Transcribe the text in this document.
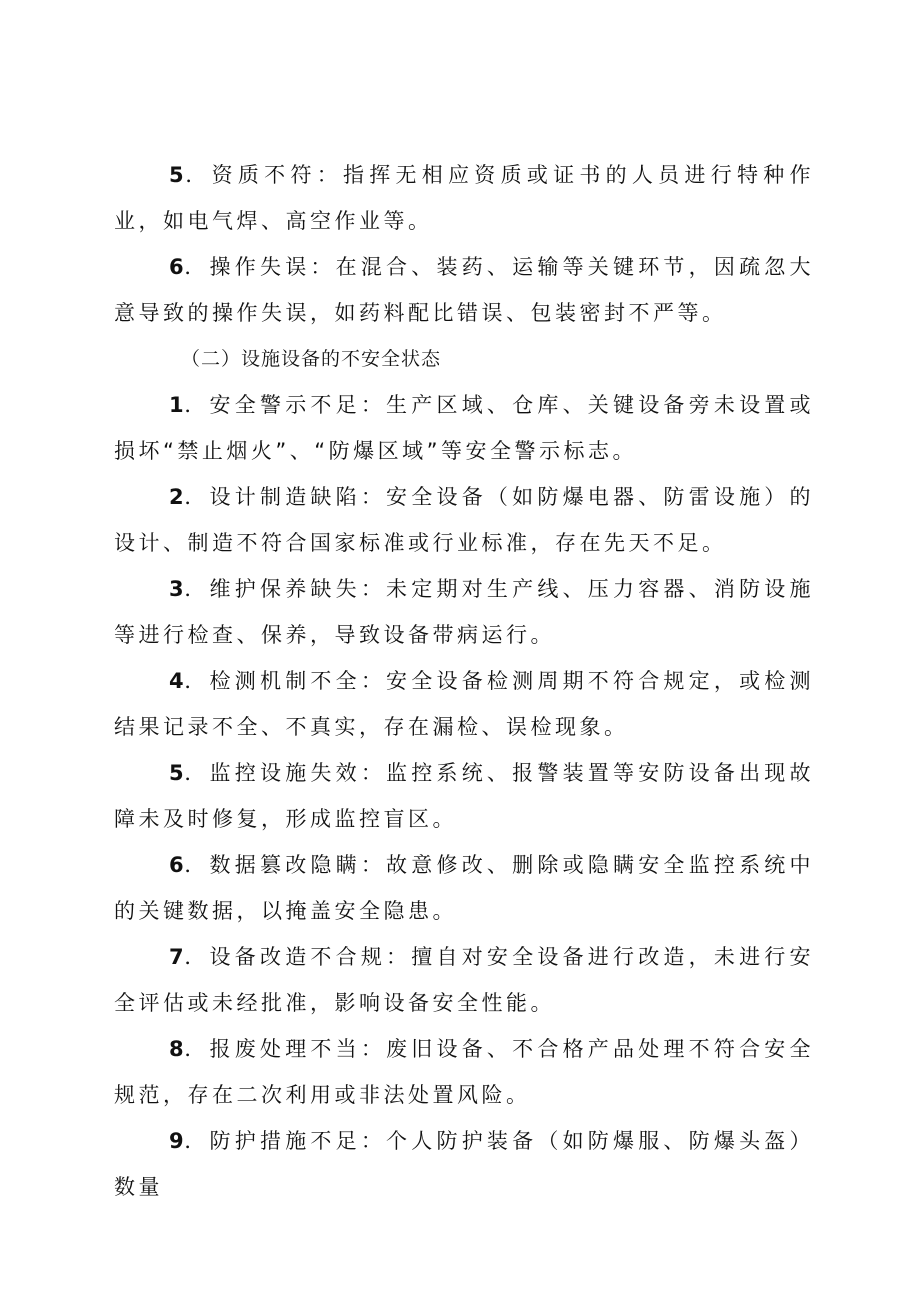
5．资质不符：指挥无相应资质或证书的人员进行特种作业，如电气焊、高空作业等。

6．操作失误：在混合、装药、运输等关键环节，因疏忽大意导致的操作失误，如药料配比错误、包装密封不严等。

（二）设施设备的不安全状态

1．安全警示不足：生产区域、仓库、关键设备旁未设置或损坏“禁止烟火”、“防爆区域”等安全警示标志。

2．设计制造缺陷：安全设备（如防爆电器、防雷设施）的设计、制造不符合国家标准或行业标准，存在先天不足。

3．维护保养缺失：未定期对生产线、压力容器、消防设施等进行检查、保养，导致设备带病运行。

4．检测机制不全：安全设备检测周期不符合规定，或检测结果记录不全、不真实，存在漏检、误检现象。

5．监控设施失效：监控系统、报警装置等安防设备出现故障未及时修复，形成监控盲区。

6．数据篡改隐瞒：故意修改、删除或隐瞒安全监控系统中的关键数据，以掩盖安全隐患。

7．设备改造不合规：擅自对安全设备进行改造，未进行安全评估或未经批准，影响设备安全性能。

8．报废处理不当：废旧设备、不合格产品处理不符合安全规范，存在二次利用或非法处置风险。

9．防护措施不足：个人防护装备（如防爆服、防爆头盔）数量
